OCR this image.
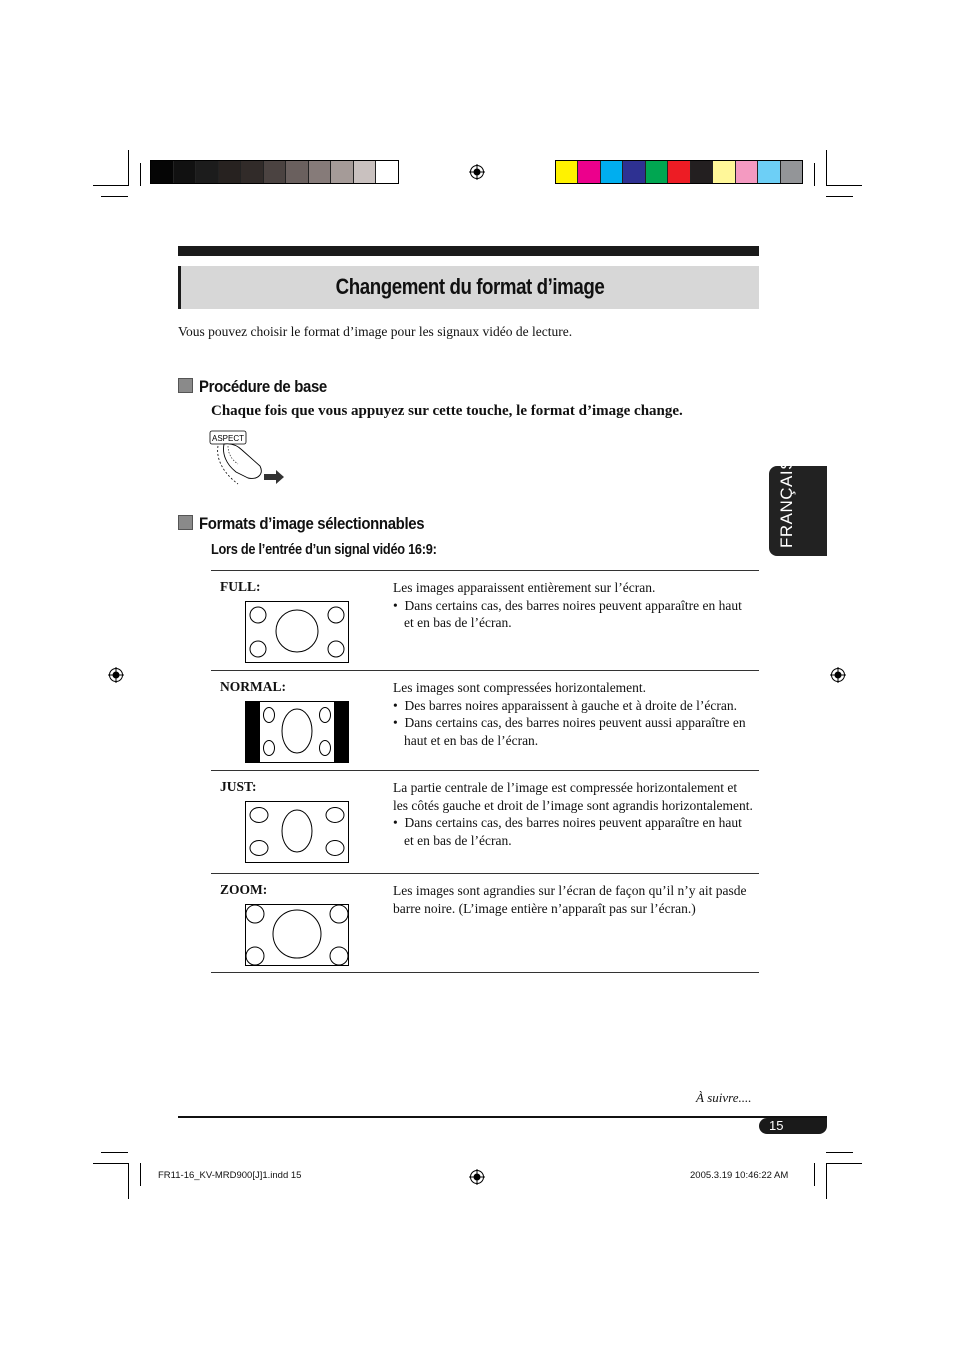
Changement du format d’image
Vous pouvez choisir le format d’image pour les signaux vidéo de lecture.
Procédure de base
Chaque fois que vous appuyez sur cette touche, le format d’image change.
ASPECT
Formats d’image sélectionnables
Lors de l’entrée d’un signal vidéo 16:9:
FULL:	Les images apparaissent entièrement sur l’écran.

•  Dans certains cas, des barres noires peuvent apparaître en haut et en bas de l’écran.

NORMAL:	Les images sont compressées horizontalement.

•  Des barres noires apparaissent à gauche et à droite de l’écran.

•  Dans certains cas, des barres noires peuvent aussi apparaître en haut et en bas de l’écran.

JUST:	La partie centrale de l’image est compressée horizontalement et les côtés gauche et droit de l’image sont agrandis horizontalement.

•  Dans certains cas, des barres noires peuvent apparaître en haut et en bas de l’écran.

ZOOM:	Les images sont agrandies sur l’écran de façon qu’il n’y ait pasde barre noire. (L’image entière n’apparaît pas sur l’écran.)

FRANÇAIS
À suivre....
15
FR11-16_KV-MRD900[J]1.indd 15	2005.3.19 10:46:22 AM
